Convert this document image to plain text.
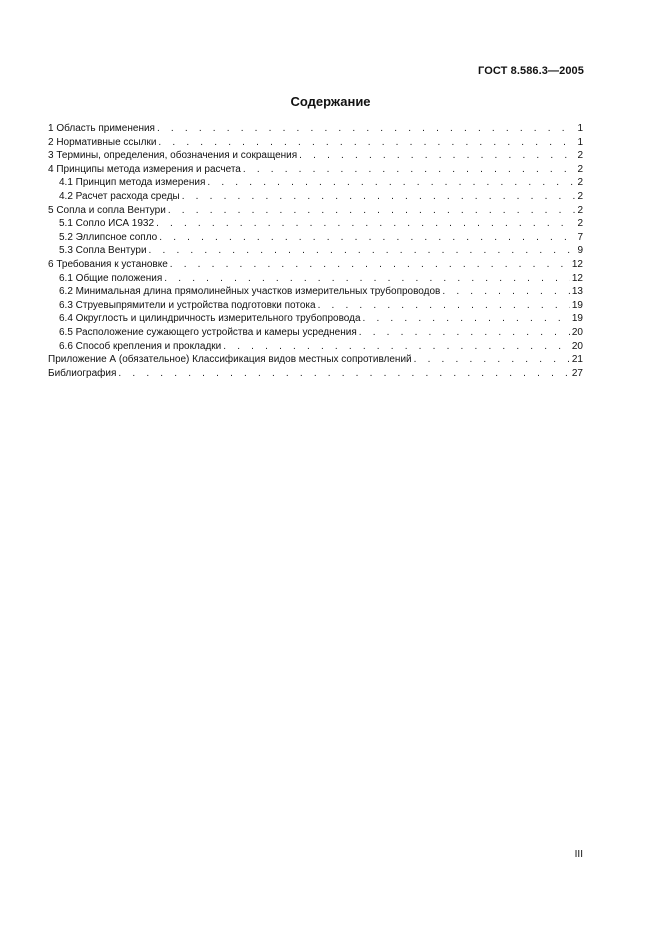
ГОСТ 8.586.3—2005
Содержание
1 Область применения . . .	1
2 Нормативные ссылки . . .	1
3 Термины, определения, обозначения и сокращения . . .	2
4 Принципы метода измерения и расчета . . .	2
4.1 Принцип метода измерения . . .	2
4.2 Расчет расхода среды . . .	2
5 Сопла и сопла Вентури . . .	2
5.1 Сопло ИСА 1932 . . .	2
5.2 Эллипсное сопло . . .	7
5.3 Сопла Вентури . . .	9
6 Требования к установке . . .	12
6.1 Общие положения . . .	12
6.2 Минимальная длина прямолинейных участков измерительных трубопроводов . . .	13
6.3 Струевыпрямители и устройства подготовки потока . . .	19
6.4 Округлость и цилиндричность измерительного трубопровода . . .	19
6.5 Расположение сужающего устройства и камеры усреднения . . .	20
6.6 Способ крепления и прокладки . . .	20
Приложение А (обязательное) Классификация видов местных сопротивлений . . .	21
Библиография . . .	27
III
